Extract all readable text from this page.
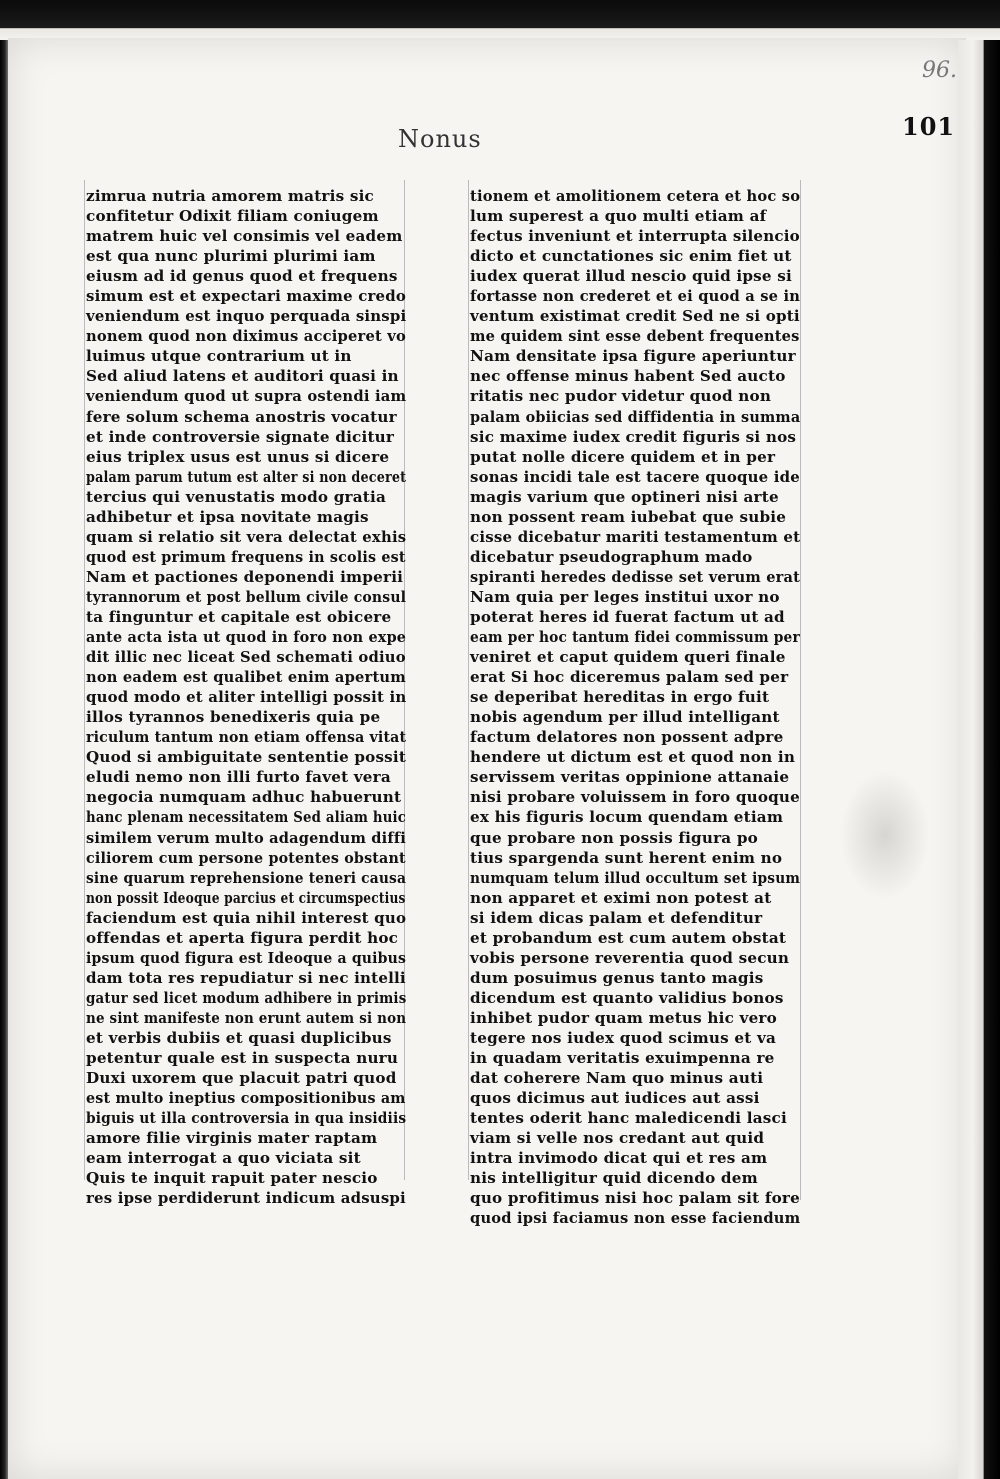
96.
101
Nonus
zimrua nutria amorem matris sic
confitetur Odixit filiam coniugem
matrem huic vel consimis vel eadem
est qua nunc plurimi plurimi iam
eiusm ad id genus quod et frequens
simum est et expectari maxime credo
veniendum est inquo perquada sinspi
nonem quod non diximus acciperet vo
luimus utque contrarium ut in
Sed aliud latens et auditori quasi in
veniendum quod ut supra ostendi iam
fere solum schema anostris vocatur
et inde controversie signate dicitur
eius triplex usus est unus si dicere
palam parum tutum est alter si non deceret
tercius qui venustatis modo gratia
adhibetur et ipsa novitate magis
quam si relatio sit vera delectat exhis
quod est primum frequens in scolis est
Nam et pactiones deponendi imperii
tyrannorum et post bellum civile consul
ta finguntur et capitale est obicere
ante acta ista ut quod in foro non expe
dit illic nec liceat Sed schemati odiuo
non eadem est qualibet enim apertum
quod modo et aliter intelligi possit in
illos tyrannos benedixeris quia pe
riculum tantum non etiam offensa vitat
Quod si ambiguitate sententie possit
eludi nemo non illi furto favet vera
negocia numquam adhuc habuerunt
hanc plenam necessitatem Sed aliam huic
similem verum multo adagendum diffi
ciliorem cum persone potentes obstant
sine quarum reprehensione teneri causa
non possit Ideoque parcius et circumspectius
faciendum est quia nihil interest quo
offendas et aperta figura perdit hoc
ipsum quod figura est Ideoque a quibus
dam tota res repudiatur si nec intelli
gatur sed licet modum adhibere in primis
ne sint manifeste non erunt autem si non
et verbis dubiis et quasi duplicibus
petentur quale est in suspecta nuru
Duxi uxorem que placuit patri quod
est multo ineptius compositionibus am
biguis ut illa controversia in qua insidiis
amore filie virginis mater raptam
eam interrogat a quo viciata sit
Quis te inquit rapuit pater nescio
res ipse perdiderunt indicum adsuspi
tionem et amolitionem cetera et hoc so
lum superest a quo multi etiam af
fectus inveniunt et interrupta silencio
dicto et cunctationes sic enim fiet ut
iudex querat illud nescio quid ipse si
fortasse non crederet et ei quod a se in
ventum existimat credit Sed ne si opti
me quidem sint esse debent frequentes
Nam densitate ipsa figure aperiuntur
nec offense minus habent Sed aucto
ritatis nec pudor videtur quod non
palam obiicias sed diffidentia in summa
sic maxime iudex credit figuris si nos
putat nolle dicere quidem et in per
sonas incidi tale est tacere quoque ide
magis varium que optineri nisi arte
non possent ream iubebat que subie
cisse dicebatur mariti testamentum et
dicebatur pseudographum mado
spiranti heredes dedisse set verum erat
Nam quia per leges institui uxor no
poterat heres id fuerat factum ut ad
eam per hoc tantum fidei commissum per
veniret et caput quidem queri finale
erat Si hoc diceremus palam sed per
se deperibat hereditas in ergo fuit
nobis agendum per illud intelligant
factum delatores non possent adpre
hendere ut dictum est et quod non in
servissem veritas oppinione attanaie
nisi probare voluissem in foro quoque
ex his figuris locum quendam etiam
que probare non possis figura po
tius spargenda sunt herent enim no
numquam telum illud occultum set ipsum
non apparet et eximi non potest at
si idem dicas palam et defenditur
et probandum est cum autem obstat
vobis persone reverentia quod secun
dum posuimus genus tanto magis
dicendum est quanto validius bonos
inhibet pudor quam metus hic vero
tegere nos iudex quod scimus et va
in quadam veritatis exuimpenna re
dat coherere Nam quo minus auti
quos dicimus aut iudices aut assi
tentes oderit hanc maledicendi lasci
viam si velle nos credant aut quid
intra invimodo dicat qui et res am
nis intelligitur quid dicendo dem
quo profitimus nisi hoc palam sit fore
quod ipsi faciamus non esse faciendum
